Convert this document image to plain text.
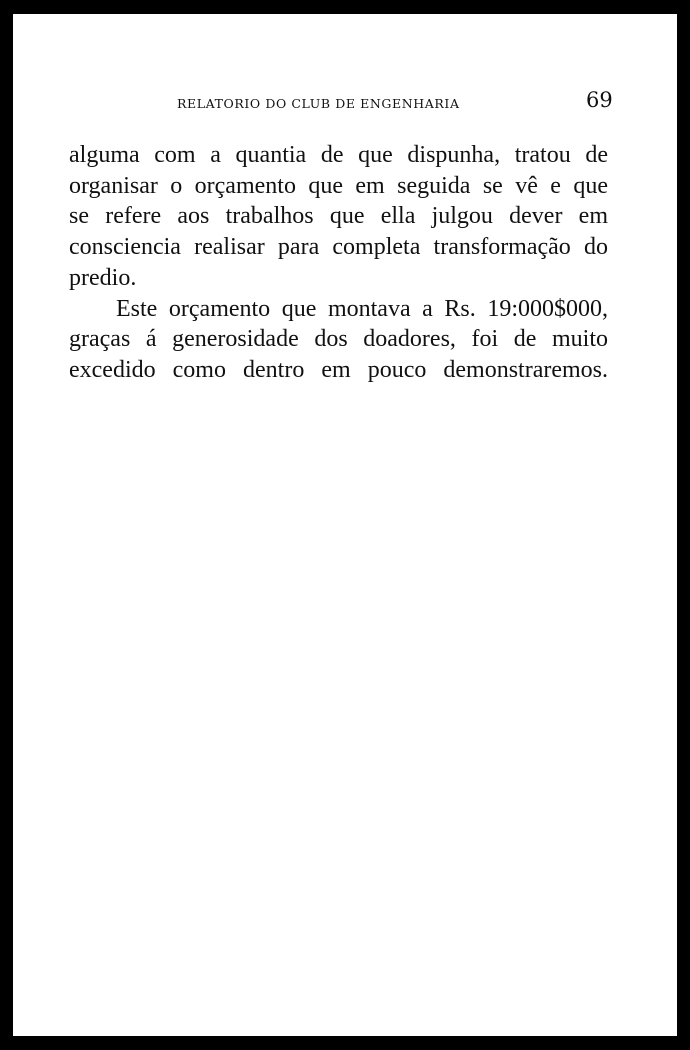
RELATORIO DO CLUB DE ENGENHARIA	69

alguma com a quantia de que dispunha, tratou de
organisar o orçamento que em seguida se vê e que
se refere aos trabalhos que ella julgou dever em
consciencia realisar para completa transformação do
predio.

Este orçamento que montava a Rs. 19:000$000,
graças á generosidade dos doadores, foi de muito
excedido como dentro em pouco demonstraremos.
